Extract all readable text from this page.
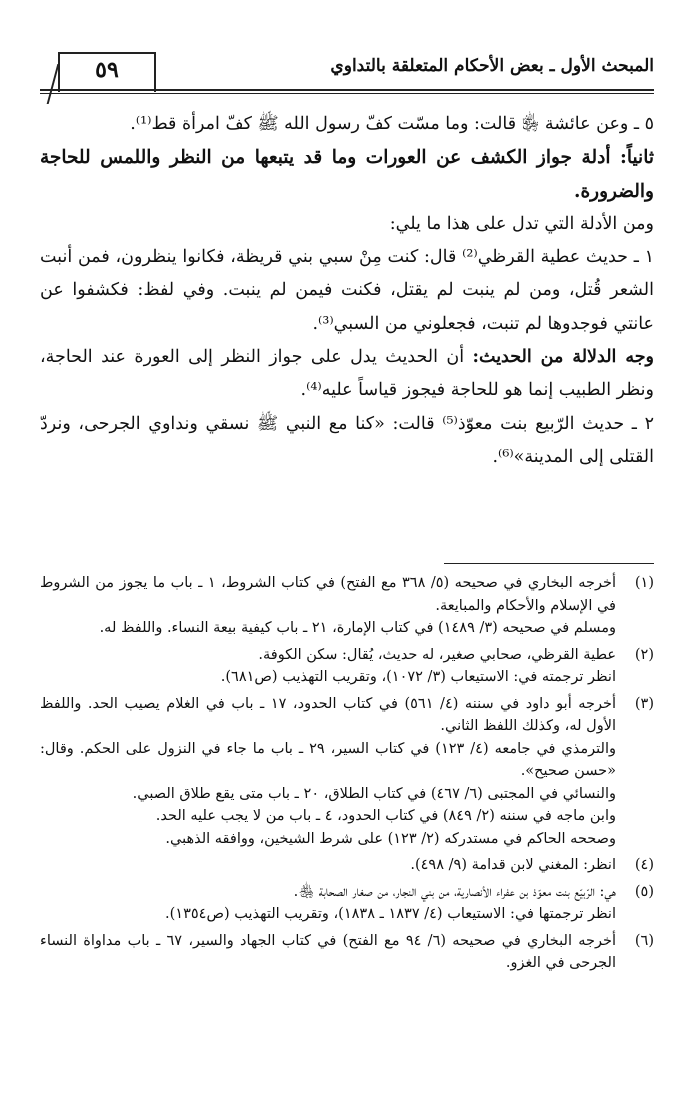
المبحث الأول ـ بعض الأحكام المتعلقة بالتداوي
٥٩

٥ ـ وعن عائشة ﵂ قالت: وما مسّت كفّ رسول الله ﷺ كفّ امرأة قط⁽¹⁾.

ثانياً: أدلة جواز الكشف عن العورات وما قد يتبعها من النظر واللمس للحاجة والضرورة.

ومن الأدلة التي تدل على هذا ما يلي:

١ ـ حديث عطية القرظي⁽²⁾ قال: كنت مِنْ سبي بني قريظة، فكانوا ينظرون، فمن أنبت الشعر قُتل، ومن لم ينبت لم يقتل، فكنت فيمن لم ينبت. وفي لفظ: فكشفوا عن عانتي فوجدوها لم تنبت، فجعلوني من السبي⁽³⁾.

وجه الدلالة من الحديث: أن الحديث يدل على جواز النظر إلى العورة عند الحاجة، ونظر الطبيب إنما هو للحاجة فيجوز قياساً عليه⁽⁴⁾.

٢ ـ حديث الرّبيع بنت معوّذ⁽⁵⁾ قالت: «كنا مع النبي ﷺ نسقي ونداوي الجرحى، ونردّ القتلى إلى المدينة»⁽⁶⁾.

(١)

أخرجه البخاري في صحيحه (٥/ ٣٦٨ مع الفتح) في كتاب الشروط، ١ ـ باب ما يجوز من الشروط في الإسلام والأحكام والمبايعة.

ومسلم في صحيحه (٣/ ١٤٨٩) في كتاب الإمارة، ٢١ ـ باب كيفية بيعة النساء. واللفظ له.

(٢)

عطية القرظي، صحابي صغير، له حديث، يُقال: سكن الكوفة.

انظر ترجمته في: الاستيعاب (٣/ ١٠٧٢)، وتقريب التهذيب (ص٦٨١).

(٣)

أخرجه أبو داود في سننه (٤/ ٥٦١) في كتاب الحدود، ١٧ ـ باب في الغلام يصيب الحد. واللفظ الأول له، وكذلك اللفظ الثاني.

والترمذي في جامعه (٤/ ١٢٣) في كتاب السير، ٢٩ ـ باب ما جاء في النزول على الحكم. وقال: «حسن صحيح».

والنسائي في المجتبى (٦/ ٤٦٧) في كتاب الطلاق، ٢٠ ـ باب متى يقع طلاق الصبي.

وابن ماجه في سننه (٢/ ٨٤٩) في كتاب الحدود، ٤ ـ باب من لا يجب عليه الحد.

وصححه الحاكم في مستدركه (٢/ ١٢٣) على شرط الشيخين، ووافقه الذهبي.

(٤)

انظر: المغني لابن قدامة (٩/ ٤٩٨).

(٥)

هي: الرّبيّع بنت معوّذ بن عفراء الأنصارية، من بني النجار، من صغار الصحابة ﵃.

انظر ترجمتها في: الاستيعاب (٤/ ١٨٣٧ ـ ١٨٣٨)، وتقريب التهذيب (ص١٣٥٤).

(٦)

أخرجه البخاري في صحيحه (٦/ ٩٤ مع الفتح) في كتاب الجهاد والسير، ٦٧ ـ باب مداواة النساء الجرحى في الغزو.
